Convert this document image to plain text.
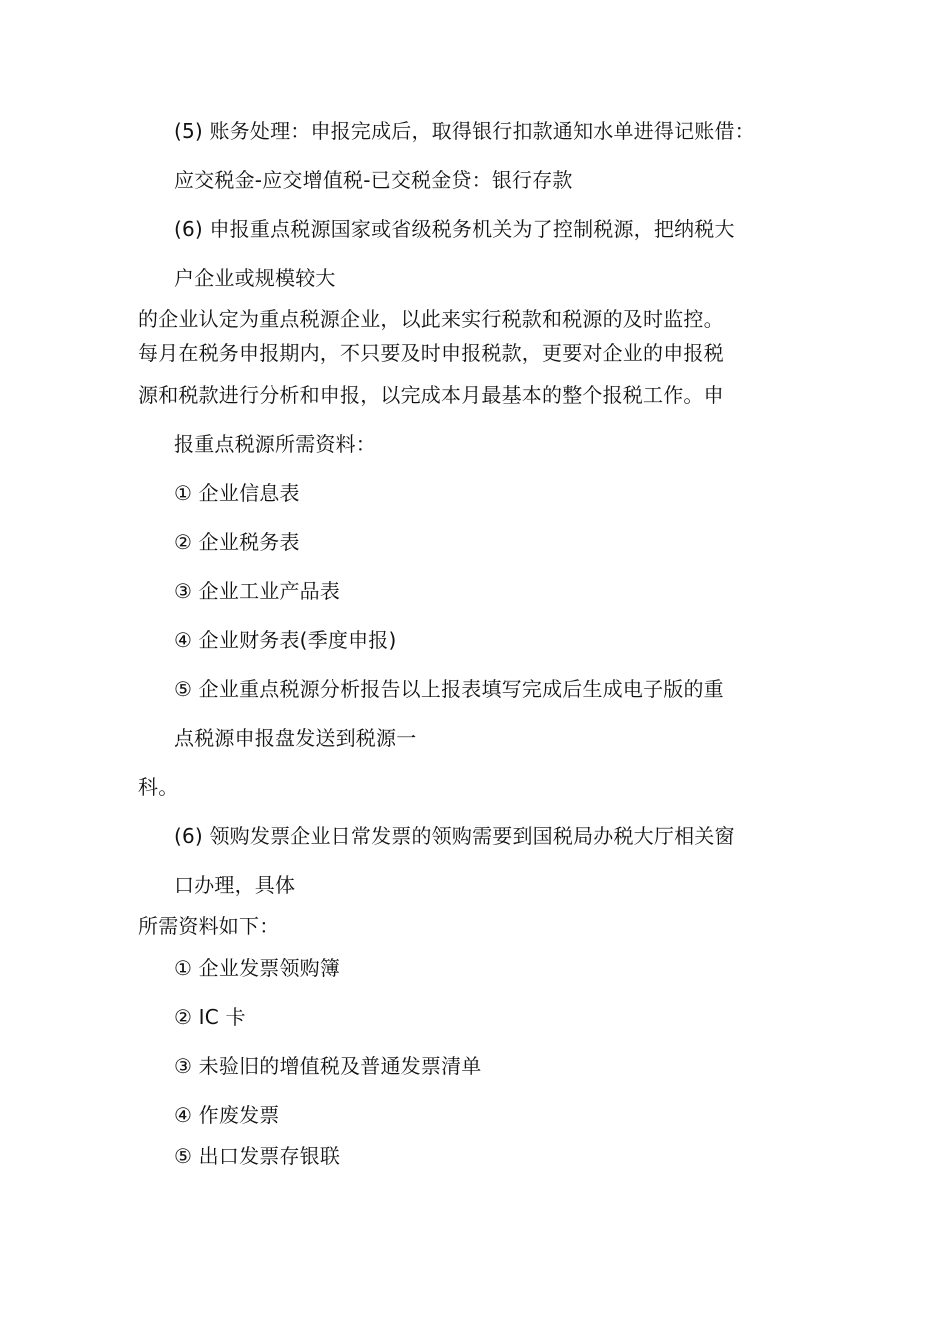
(5) 账务处理：申报完成后，取得银行扣款通知水单进得记账借：
应交税金-应交增值税-已交税金贷：银行存款
(6) 申报重点税源国家或省级税务机关为了控制税源，把纳税大
户企业或规模较大
的企业认定为重点税源企业，以此来实行税款和税源的及时监控。
每月在税务申报期内，不只要及时申报税款，更要对企业的申报税
源和税款进行分析和申报，以完成本月最基本的整个报税工作。申
报重点税源所需资料：
① 企业信息表
② 企业税务表
③ 企业工业产品表
④ 企业财务表(季度申报)
⑤ 企业重点税源分析报告以上报表填写完成后生成电子版的重
点税源申报盘发送到税源一
科。
(6) 领购发票企业日常发票的领购需要到国税局办税大厅相关窗
口办理，具体
所需资料如下：
① 企业发票领购簿
② IC 卡
③ 未验旧的增值税及普通发票清单
④ 作废发票
⑤ 出口发票存银联
